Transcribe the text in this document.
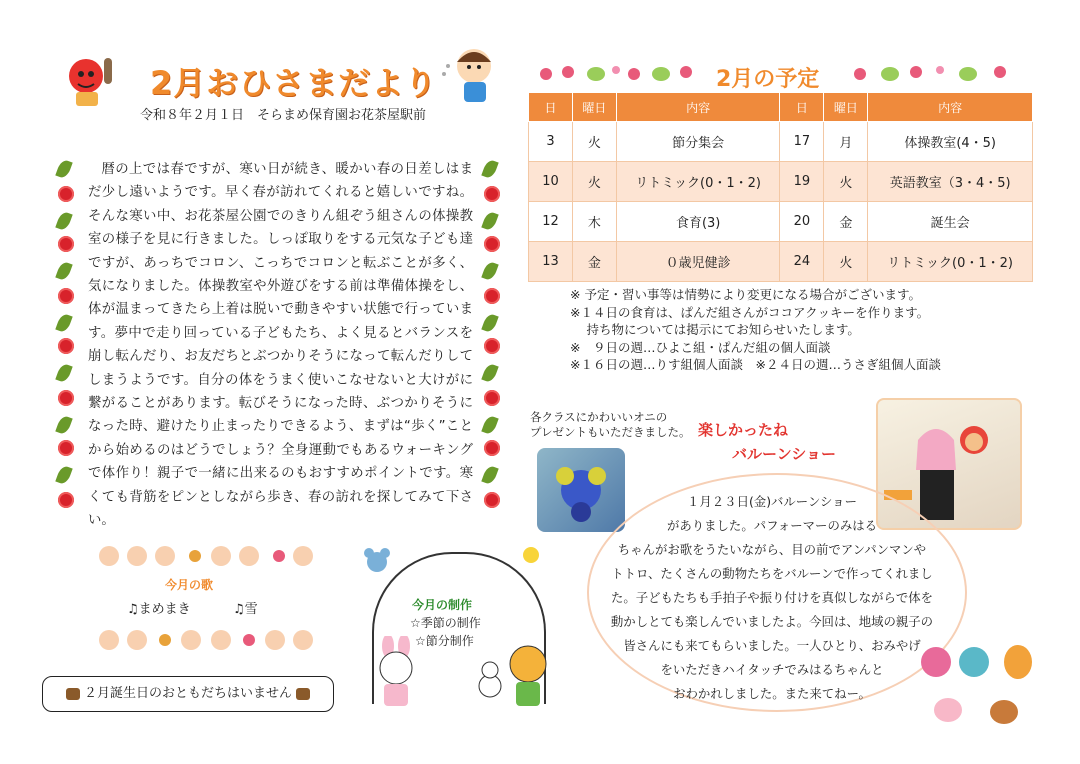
2月おひさまだより
令和８年２月１日　そらまめ保育園お花茶屋駅前

暦の上では春ですが、寒い日が続き、暖かい春の日差しはまだ少し遠いようです。早く春が訪れてくれると嬉しいですね。そんな寒い中、お花茶屋公園でのきりん組ぞう組さんの体操教室の様子を見に行きました。しっぽ取りをする元気な子ども達ですが、あっちでコロン、こっちでコロンと転ぶことが多く、気になりました。体操教室や外遊びをする前は準備体操をし、体が温まってきたら上着は脱いで動きやすい状態で行っています。夢中で走り回っている子どもたち、よく見るとバランスを崩し転んだり、お友だちとぶつかりそうになって転んだりしてしまうようです。自分の体をうまく使いこなせないと大けがに繋がることがあります。転びそうになった時、ぶつかりそうになった時、避けたり止まったりできるよう、まずは“歩く”ことから始めるのはどうでしょう？全身運動でもあるウォーキングで体作り！親子で一緒に出来るのもおすすめポイントです。寒くても背筋をピンとしながら歩き、春の訪れを探してみて下さい。

2月の予定
日	曜日	内容	日	曜日	内容
3	火	節分集会	17	月	体操教室(4・5)
10	火	リトミック(0・1・2)	19	火	英語教室（3・4・5)
12	木	食育(3)	20	金	誕生会
13	金	０歳児健診	24	火	リトミック(0・1・2)
※ 予定・習い事等は情勢により変更になる場合がございます。
※１４日の食育は、ぱんだ組さんがココアクッキーを作ります。
　 持ち物については掲示にてお知らせいたします。
※　９日の週…ひよこ組・ぱんだ組の個人面談
※１６日の週…りす組個人面談　※２４日の週…うさぎ組個人面談
各クラスにかわいいオニの
プレゼントもいただきました。 楽しかったね
バルーンショー
１月２３日(金)バルーンショー
がありました。パフォーマーのみはる
ちゃんがお歌をうたいながら、目の前でアンパンマンや
トトロ、たくさんの動物たちをバルーンで作ってくれまし
た。子どもたちも手拍子や振り付けを真似しながらで体を
動かしとても楽しんでいましたよ。今回は、地域の親子の
皆さんにも来てもらいました。一人ひとり、おみやげ
をいただきハイタッチでみはるちゃんと
おわかれしました。また来てねー。
今月の歌
♫まめまき	♫雪	今月の制作
☆季節の制作
☆節分制作
２月誕生日のおともだちはいません
